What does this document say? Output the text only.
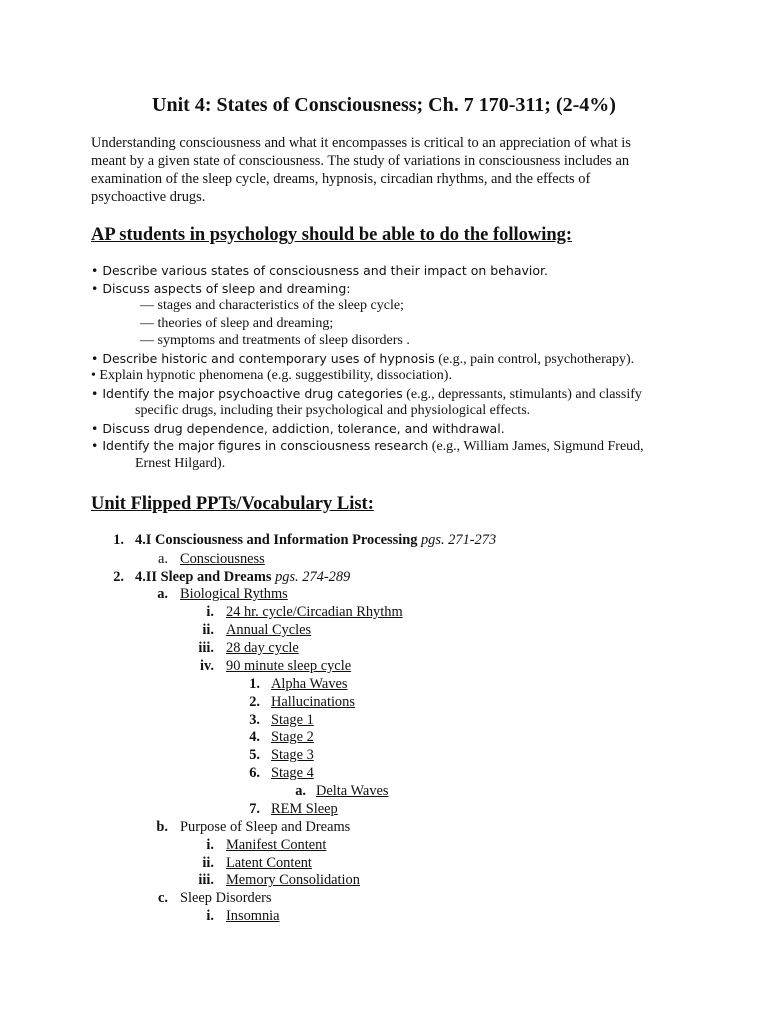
Unit 4: States of Consciousness; Ch. 7 170-311; (2-4%)
Understanding consciousness and what it encompasses is critical to an appreciation of what is
meant by a given state of consciousness. The study of variations in consciousness includes an
examination of the sleep cycle, dreams, hypnosis, circadian rhythms, and the effects of
psychoactive drugs.
AP students in psychology should be able to do the following:
• Describe various states of consciousness and their impact on behavior.
• Discuss aspects of sleep and dreaming:
— stages and characteristics of the sleep cycle;
— theories of sleep and dreaming;
— symptoms and treatments of sleep disorders .
• Describe historic and contemporary uses of hypnosis (e.g., pain control, psychotherapy).
• Explain hypnotic phenomena (e.g. suggestibility, dissociation).
• Identify the major psychoactive drug categories (e.g., depressants, stimulants) and classify
specific drugs, including their psychological and physiological effects.
• Discuss drug dependence, addiction, tolerance, and withdrawal.
• Identify the major figures in consciousness research (e.g., William James, Sigmund Freud,
Ernest Hilgard).
Unit Flipped PPTs/Vocabulary List:
1. 4.I Consciousness and Information Processing pgs. 271-273
a. Consciousness
2. 4.II Sleep and Dreams pgs. 274-289
a. Biological Rythms
i. 24 hr. cycle/Circadian Rhythm
ii. Annual Cycles
iii. 28 day cycle
iv. 90 minute sleep cycle
1. Alpha Waves
2. Hallucinations
3. Stage 1
4. Stage 2
5. Stage 3
6. Stage 4
a. Delta Waves
7. REM Sleep
b. Purpose of Sleep and Dreams
i. Manifest Content
ii. Latent Content
iii. Memory Consolidation
c. Sleep Disorders
i. Insomnia
